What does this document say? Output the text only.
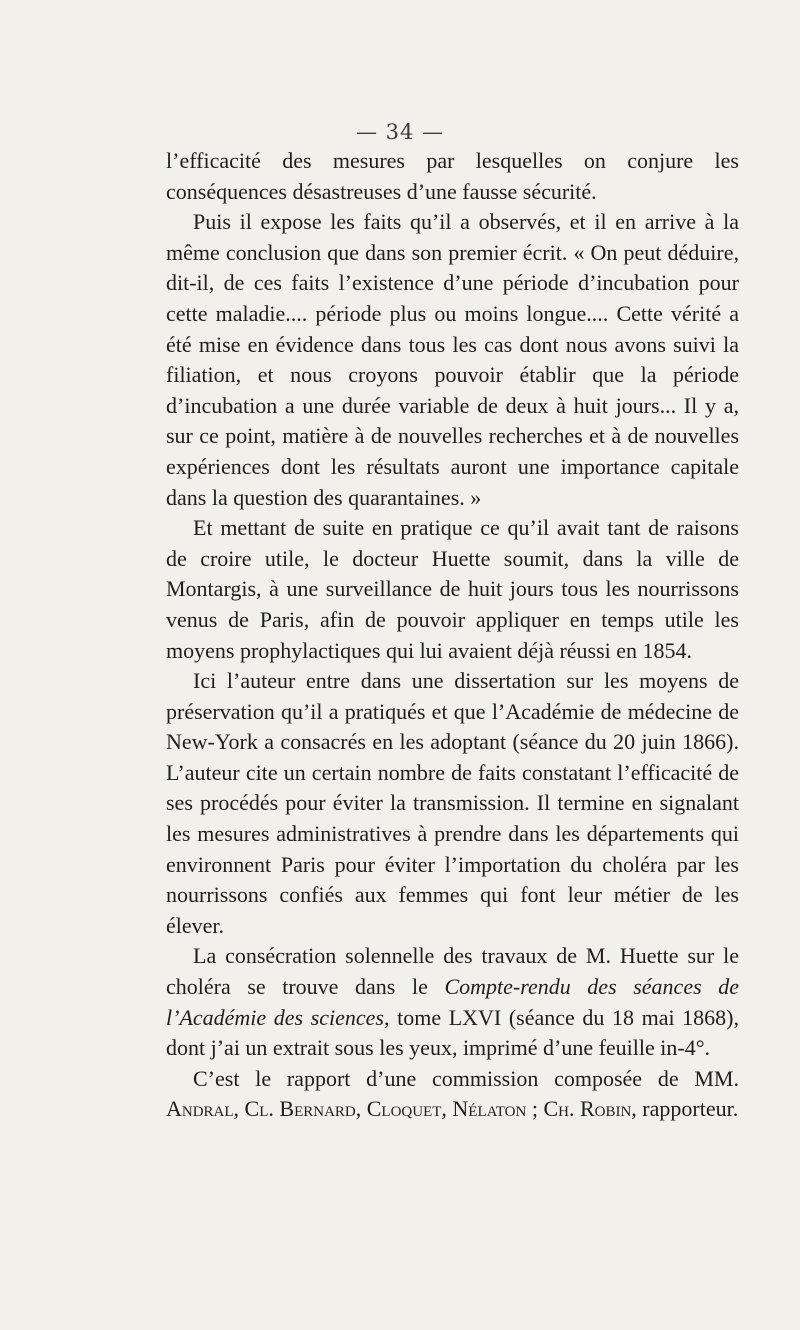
— 34 —

l’efficacité des mesures par lesquelles on conjure les conséquences désastreuses d’une fausse sécurité.

Puis il expose les faits qu’il a observés, et il en arrive à la même conclusion que dans son premier écrit. « On peut déduire, dit-il, de ces faits l’existence d’une période d’incubation pour cette maladie.... période plus ou moins longue.... Cette vérité a été mise en évidence dans tous les cas dont nous avons suivi la filiation, et nous croyons pouvoir établir que la période d’incubation a une durée variable de deux à huit jours... Il y a, sur ce point, matière à de nouvelles recherches et à de nouvelles expériences dont les résultats auront une importance capitale dans la question des quarantaines. »

Et mettant de suite en pratique ce qu’il avait tant de raisons de croire utile, le docteur Huette soumit, dans la ville de Montargis, à une surveillance de huit jours tous les nourrissons venus de Paris, afin de pouvoir appliquer en temps utile les moyens prophylactiques qui lui avaient déjà réussi en 1854.

Ici l’auteur entre dans une dissertation sur les moyens de préservation qu’il a pratiqués et que l’Académie de médecine de New-York a consacrés en les adoptant (séance du 20 juin 1866). L’auteur cite un certain nombre de faits constatant l’efficacité de ses procédés pour éviter la transmission. Il termine en signalant les mesures administratives à prendre dans les départements qui environnent Paris pour éviter l’importation du choléra par les nourrissons confiés aux femmes qui font leur métier de les élever.

La consécration solennelle des travaux de M. Huette sur le choléra se trouve dans le Compte-rendu des séances de l’Académie des sciences, tome LXVI (séance du 18 mai 1868), dont j’ai un extrait sous les yeux, imprimé d’une feuille in-4°.

C’est le rapport d’une commission composée de MM. Andral, Cl. Bernard, Cloquet, Nélaton ; Ch. Robin, rapporteur.
